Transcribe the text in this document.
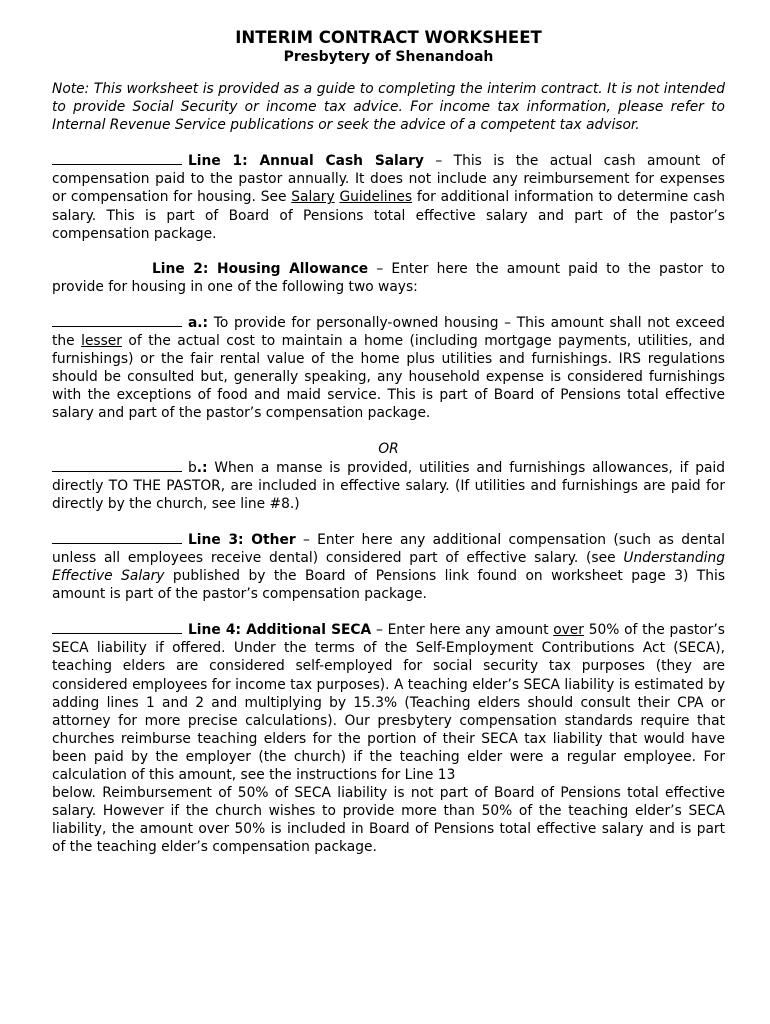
INTERIM CONTRACT WORKSHEET
Presbytery of Shenandoah

Note: This worksheet is provided as a guide to completing the interim contract. It is not intended to provide Social Security or income tax advice. For income tax information, please refer to Internal Revenue Service publications or seek the advice of a competent tax advisor.

Line 1: Annual Cash Salary – This is the actual cash amount of compensation paid to the pastor annually. It does not include any reimbursement for expenses or compensation for housing. See Salary Guidelines for additional information to determine cash salary. This is part of Board of Pensions total effective salary and part of the pastor’s compensation package.

Line 2: Housing Allowance – Enter here the amount paid to the pastor to provide for housing in one of the following two ways:

a.: To provide for personally-owned housing – This amount shall not exceed the lesser of the actual cost to maintain a home (including mortgage payments, utilities, and furnishings) or the fair rental value of the home plus utilities and furnishings. IRS regulations should be consulted but, generally speaking, any household expense is considered furnishings with the exceptions of food and maid service. This is part of Board of Pensions total effective salary and part of the pastor’s compensation package.

OR

b.: When a manse is provided, utilities and furnishings allowances, if paid directly TO THE PASTOR, are included in effective salary. (If utilities and furnishings are paid for directly by the church, see line #8.)

Line 3: Other – Enter here any additional compensation (such as dental unless all employees receive dental) considered part of effective salary. (see Understanding Effective Salary published by the Board of Pensions link found on worksheet page 3) This amount is part of the pastor’s compensation package.

Line 4: Additional SECA – Enter here any amount over 50% of the pastor’s SECA liability if offered. Under the terms of the Self-Employment Contributions Act (SECA), teaching elders are considered self-employed for social security tax purposes (they are considered employees for income tax purposes). A teaching elder’s SECA liability is estimated by adding lines 1 and 2 and multiplying by 15.3% (Teaching elders should consult their CPA or attorney for more precise calculations). Our presbytery compensation standards require that churches reimburse teaching elders for the portion of their SECA tax liability that would have been paid by the employer (the church) if the teaching elder were a regular employee. For calculation of this amount, see the instructions for Line 13

below. Reimbursement of 50% of SECA liability is not part of Board of Pensions total effective salary. However if the church wishes to provide more than 50% of the teaching elder’s SECA liability, the amount over 50% is included in Board of Pensions total effective salary and is part of the teaching elder’s compensation package.
